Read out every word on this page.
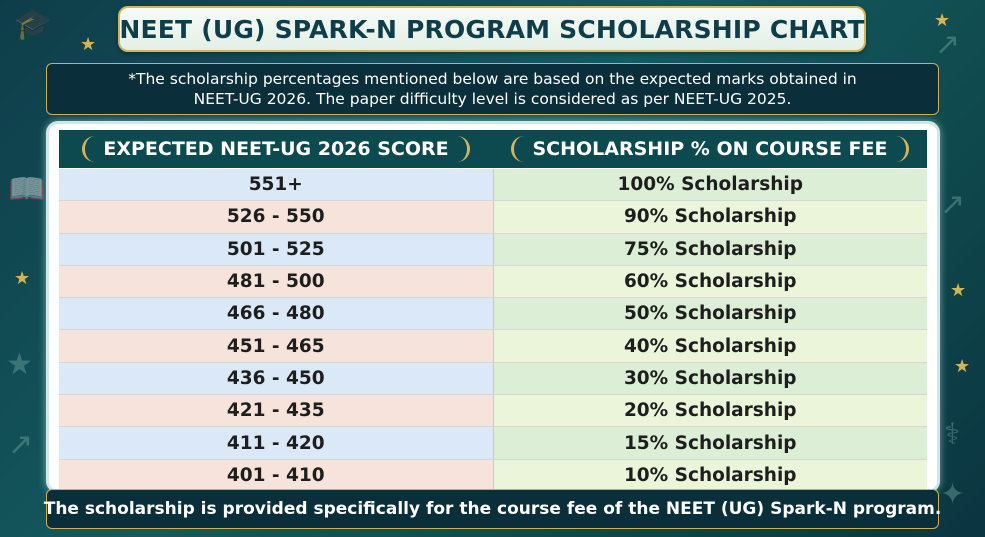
🎓
★
★
↗
📖
★
↗
★
★	★
↗	⚕
✦
NEET (UG) SPARK-N PROGRAM SCHOLARSHIP CHART
*The scholarship percentages mentioned below are based on the expected marks obtained in
NEET-UG 2026. The paper difficulty level is considered as per NEET-UG 2025.
EXPECTED NEET-UG 2026 SCORE	SCHOLARSHIP % ON COURSE FEE
551+	100% Scholarship
526 - 550	90% Scholarship
501 - 525	75% Scholarship
481 - 500	60% Scholarship
466 - 480	50% Scholarship
451 - 465	40% Scholarship
436 - 450	30% Scholarship
421 - 435	20% Scholarship
411 - 420	15% Scholarship
401 - 410	10% Scholarship
The scholarship is provided specifically for the course fee of the NEET (UG) Spark-N program.
